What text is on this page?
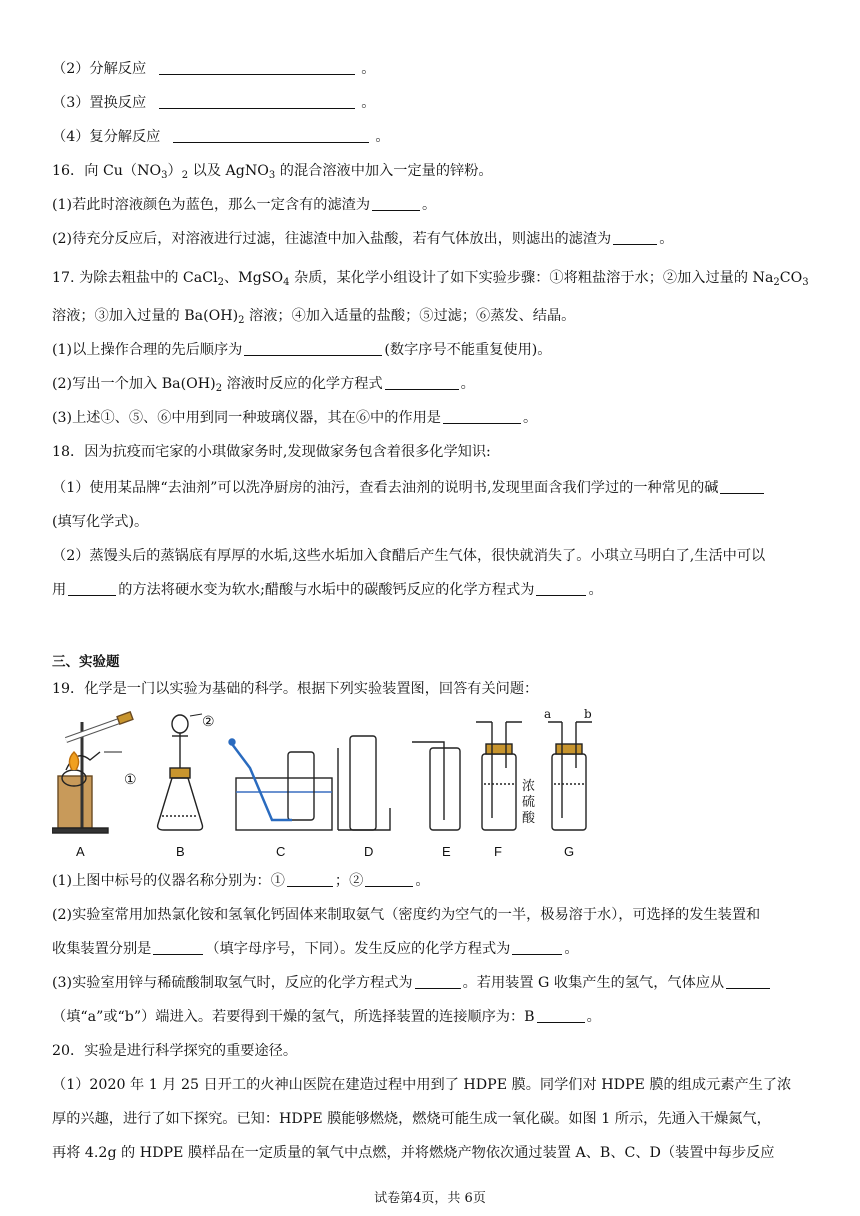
（2）分解反应	。
（3）置换反应	。
（4）复分解反应	。
16．向 $Cu(NO_3)_2$ 以及 AgNO$_3$ 的混合溶液中加入一定量的锌粉。
(1)若此时溶液颜色为蓝色，那么一定含有的滤渣为	。
(2)待充分反应后，对溶液进行过滤，往滤渣中加入盐酸，若有气体放出，则滤出的滤渣为	。
17. 为除去粗盐中的 CaCl$_2$、MgSO$_4$ 杂质，某化学小组设计了如下实验步骤：①将粗盐溶于水；②加入过量的 $Na_2CO_3$
溶液；③加入过量的 $Ba(OH)_2$ 溶液；④加入适量的盐酸；⑤过滤；⑥蒸发、结晶。
(1)以上操作合理的先后顺序为	(数字序号不能重复使用)。
(2)写出一个加入 $Ba(OH)_2$ 溶液时反应的化学方程式	。
(3)上述①、⑤、⑥中用到同一种玻璃仪器，其在⑥中的作用是	。
18．因为抗疫而宅家的小琪做家务时,发现做家务包含着很多化学知识:
（1）使用某品牌“去油剂”可以洗净厨房的油污，查看去油剂的说明书,发现里面含我们学过的一种常见的碱
(填写化学式)。
（2）蒸馒头后的蒸锅底有厚厚的水垢,这些水垢加入食醋后产生气体，很快就消失了。小琪立马明白了,生活中可以
用	的方法将硬水变为软水;醋酸与水垢中的碳酸钙反应的化学方程式为	。
三、实验题
19．化学是一门以实验为基础的科学。根据下列实验装置图，回答有关问题：
A	B	C	D	E	F
浓
硫
酸
a	b
G
①
②
(1)上图中标号的仪器名称分别为：①	；②	。
(2)实验室常用加热氯化铵和氢氧化钙固体来制取氨气（密度约为空气的一半，极易溶于水），可选择的发生装置和
收集装置分别是	（填字母序号，下同）。发生反应的化学方程式为	。
(3)实验室用锌与稀硫酸制取氢气时，反应的化学方程式为	。若用装置 G 收集产生的氢气，气体应从
（填“a”或“b”）端进入。若要得到干燥的氢气，所选择装置的连接顺序为：B	。
20．实验是进行科学探究的重要途径。
（1）2020 年 1 月 25 日开工的火神山医院在建造过程中用到了 HDPE 膜。同学们对 HDPE 膜的组成元素产生了浓
厚的兴趣，进行了如下探究。已知：HDPE 膜能够燃烧，燃烧可能生成一氧化碳。如图 1 所示，先通入干燥氮气，
再将 4.2g 的 HDPE 膜样品在一定质量的氧气中点燃，并将燃烧产物依次通过装置 A、B、C、D（装置中每步反应
试卷第4页，共 6页
